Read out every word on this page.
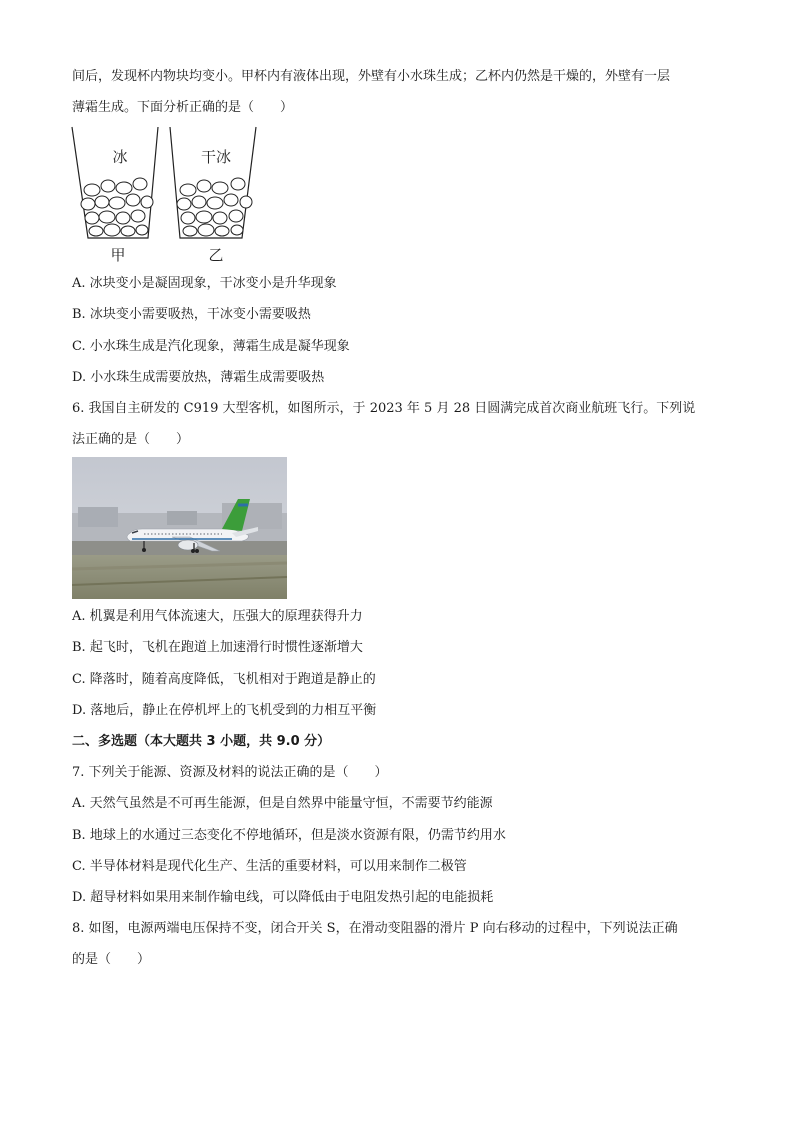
间后，发现杯内物块均变小。甲杯内有液体出现，外壁有小水珠生成；乙杯内仍然是干燥的，外壁有一层
薄霜生成。下面分析正确的是（　　）
冰	干冰
甲	乙
A. 冰块变小是凝固现象，干冰变小是升华现象
B. 冰块变小需要吸热，干冰变小需要吸热
C. 小水珠生成是汽化现象，薄霜生成是凝华现象
D. 小水珠生成需要放热，薄霜生成需要吸热
6. 我国自主研发的 C919 大型客机，如图所示，于 2023 年 5 月 28 日圆满完成首次商业航班飞行。下列说
法正确的是（　　）
A. 机翼是利用气体流速大，压强大的原理获得升力
B. 起飞时，飞机在跑道上加速滑行时惯性逐渐增大
C. 降落时，随着高度降低，飞机相对于跑道是静止的
D. 落地后，静止在停机坪上的飞机受到的力相互平衡
二、多选题（本大题共 3 小题，共 9.0 分）
7. 下列关于能源、资源及材料的说法正确的是（　　）
A. 天然气虽然是不可再生能源，但是自然界中能量守恒，不需要节约能源
B. 地球上的水通过三态变化不停地循环，但是淡水资源有限，仍需节约用水
C. 半导体材料是现代化生产、生活的重要材料，可以用来制作二极管
D. 超导材料如果用来制作输电线，可以降低由于电阻发热引起的电能损耗
8. 如图，电源两端电压保持不变，闭合开关 S，在滑动变阻器的滑片 P 向右移动的过程中，下列说法正确
的是（　　）
